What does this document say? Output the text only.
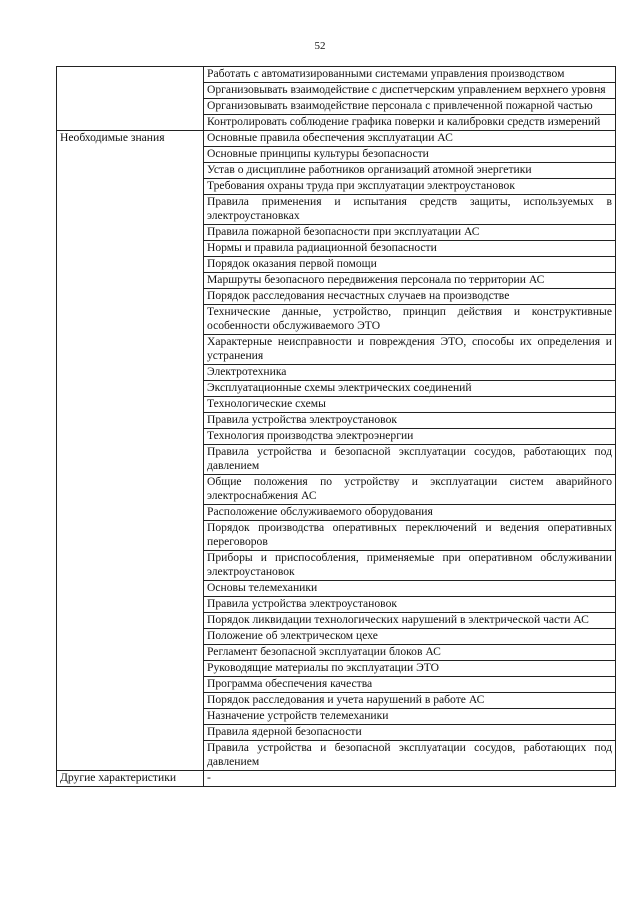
52
	Работать с автоматизированными системами управления производством
	Организовывать взаимодействие с диспетчерским управлением верхнего уровня
	Организовывать взаимодействие персонала с привлеченной пожарной частью
	Контролировать соблюдение графика поверки и калибровки средств измерений
Необходимые знания	Основные правила обеспечения эксплуатации АС
	Основные принципы культуры безопасности
	Устав о дисциплине работников организаций атомной энергетики
	Требования охраны труда при эксплуатации электроустановок
	Правила применения и испытания средств защиты, используемых в электроустановках
	Правила пожарной безопасности при эксплуатации АС
	Нормы и правила радиационной безопасности
	Порядок оказания первой помощи
	Маршруты безопасного передвижения персонала по территории АС
	Порядок расследования несчастных случаев на производстве
	Технические данные, устройство, принцип действия и конструктивные особенности обслуживаемого ЭТО
	Характерные неисправности и повреждения ЭТО, способы их определения и устранения
	Электротехника
	Эксплуатационные схемы электрических соединений
	Технологические схемы
	Правила устройства электроустановок
	Технология производства электроэнергии
	Правила устройства и безопасной эксплуатации сосудов, работающих под давлением
	Общие положения по устройству и эксплуатации систем аварийного электроснабжения АС
	Расположение обслуживаемого оборудования
	Порядок производства оперативных переключений и ведения оперативных переговоров
	Приборы и приспособления, применяемые при оперативном обслуживании электроустановок
	Основы телемеханики
	Правила устройства электроустановок
	Порядок ликвидации технологических нарушений в электрической части АС
	Положение об электрическом цехе
	Регламент безопасной эксплуатации блоков АС
	Руководящие материалы по эксплуатации ЭТО
	Программа обеспечения качества
	Порядок расследования и учета нарушений в работе АС
	Назначение устройств телемеханики
	Правила ядерной безопасности
	Правила устройства и безопасной эксплуатации сосудов, работающих под давлением
Другие характеристики	-
